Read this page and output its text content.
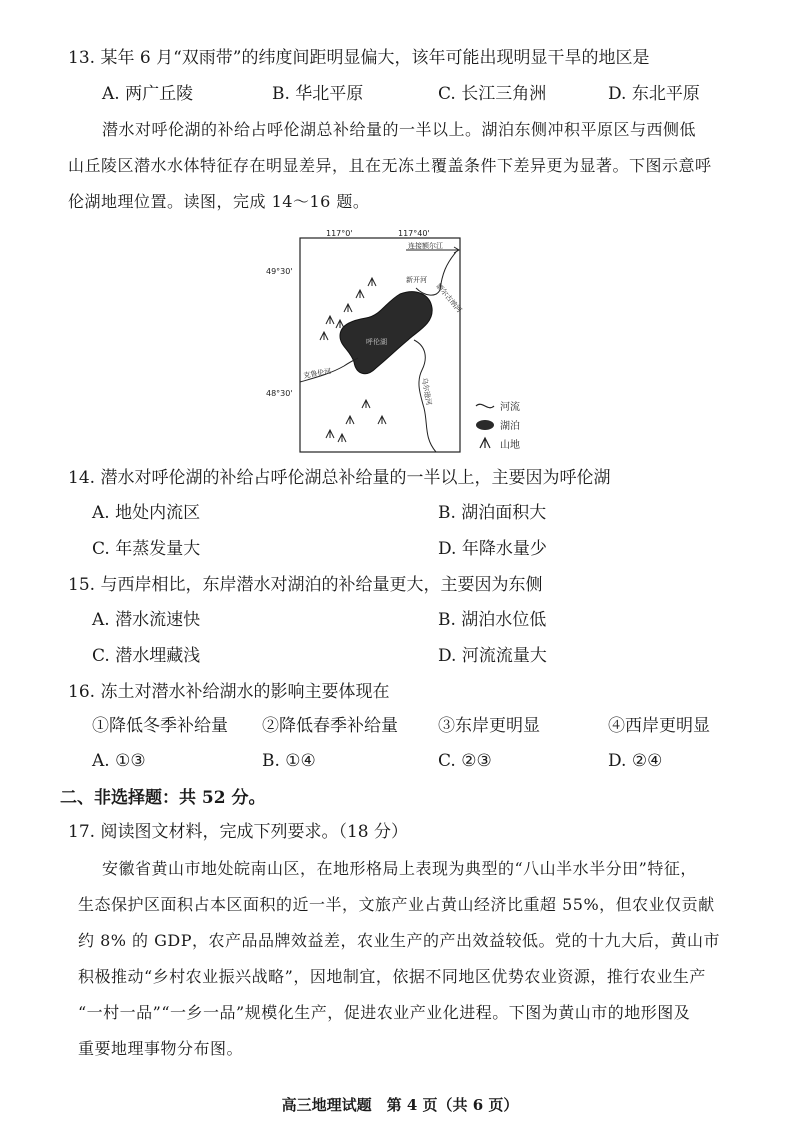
13. 某年 6 月“双雨带”的纬度间距明显偏大，该年可能出现明显干旱的地区是
A. 两广丘陵	B. 华北平原	C. 长江三角洲	D. 东北平原
潜水对呼伦湖的补给占呼伦湖总补给量的一半以上。湖泊东侧冲积平原区与西侧低
山丘陵区潜水水体特征存在明显差异，且在无冻土覆盖条件下差异更为显著。下图示意呼
伦湖地理位置。读图，完成 14～16 题。
117°0'	117°40'
49°30'
48°30'
连接额尔江
新开河
额尔古纳河
呼伦湖
克鲁伦河
乌尔逊河
河流
湖泊
山地
14. 潜水对呼伦湖的补给占呼伦湖总补给量的一半以上，主要因为呼伦湖
A. 地处内流区	B. 湖泊面积大
C. 年蒸发量大	D. 年降水量少
15. 与西岸相比，东岸潜水对湖泊的补给量更大，主要因为东侧
A. 潜水流速快	B. 湖泊水位低
C. 潜水埋藏浅	D. 河流流量大
16. 冻土对潜水补给湖水的影响主要体现在
①降低冬季补给量 ②降低春季补给量 ③东岸更明显	④西岸更明显
A. ①③	B. ①④	C. ②③	D. ②④
二、非选择题：共 52 分。
17. 阅读图文材料，完成下列要求。（18 分）
安徽省黄山市地处皖南山区，在地形格局上表现为典型的“八山半水半分田”特征，
生态保护区面积占本区面积的近一半，文旅产业占黄山经济比重超 55%，但农业仅贡献
约 8% 的 GDP，农产品品牌效益差，农业生产的产出效益较低。党的十九大后，黄山市
积极推动“乡村农业振兴战略”，因地制宜，依据不同地区优势农业资源，推行农业生产
“一村一品”“一乡一品”规模化生产，促进农业产业化进程。下图为黄山市的地形图及
重要地理事物分布图。
高三地理试题　第 4 页（共 6 页）
